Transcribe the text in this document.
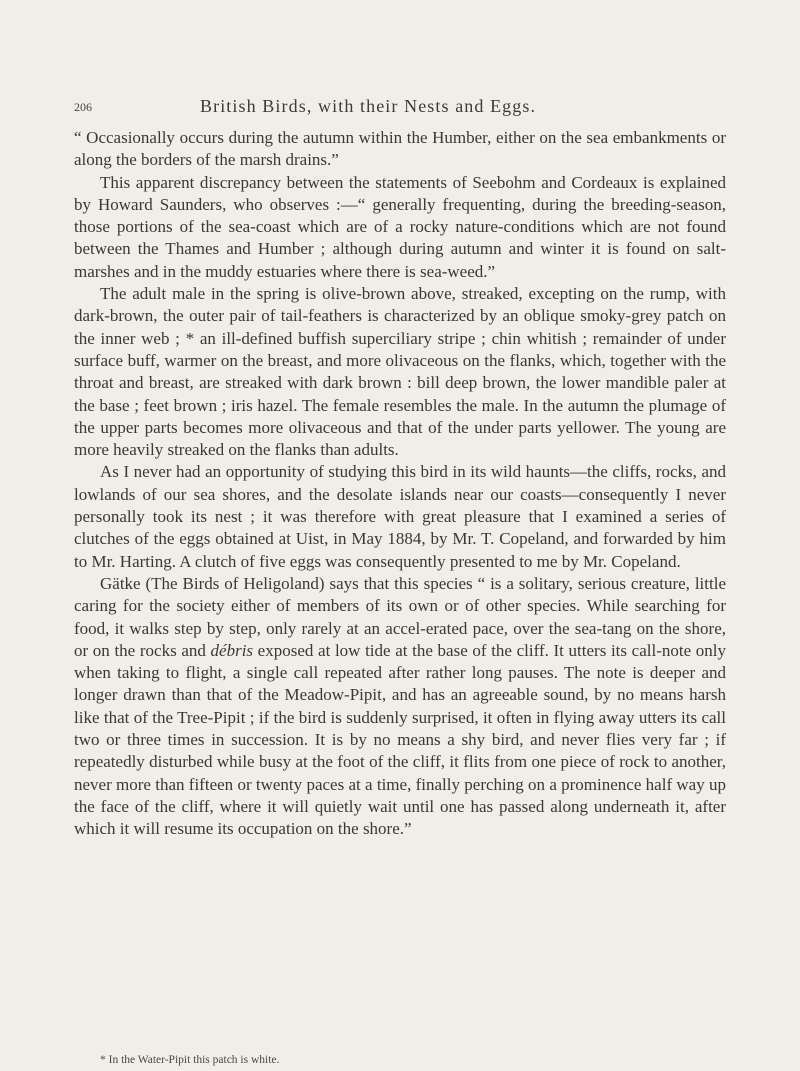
206	British Birds, with their Nests and Eggs.

“ Occasionally occurs during the autumn within the Humber, either on the sea embankments or along the borders of the marsh drains.”

This apparent discrepancy between the statements of Seebohm and Cordeaux is explained by Howard Saunders, who observes :—“ generally frequenting, during the breeding-season, those portions of the sea-coast which are of a rocky nature-conditions which are not found between the Thames and Humber ; although during autumn and winter it is found on salt-marshes and in the muddy estuaries where there is sea-weed.”

The adult male in the spring is olive-brown above, streaked, excepting on the rump, with dark-brown, the outer pair of tail-feathers is characterized by an oblique smoky-grey patch on the inner web ; * an ill-defined buffish superciliary stripe ; chin whitish ; remainder of under surface buff, warmer on the breast, and more olivaceous on the flanks, which, together with the throat and breast, are streaked with dark brown : bill deep brown, the lower mandible paler at the base ; feet brown ; iris hazel. The female resembles the male. In the autumn the plumage of the upper parts becomes more olivaceous and that of the under parts yellower. The young are more heavily streaked on the flanks than adults.

As I never had an opportunity of studying this bird in its wild haunts—the cliffs, rocks, and lowlands of our sea shores, and the desolate islands near our coasts—consequently I never personally took its nest ; it was therefore with great pleasure that I examined a series of clutches of the eggs obtained at Uist, in May 1884, by Mr. T. Copeland, and forwarded by him to Mr. Harting. A clutch of five eggs was consequently presented to me by Mr. Copeland.

Gätke (The Birds of Heligoland) says that this species “ is a solitary, serious creature, little caring for the society either of members of its own or of other species. While searching for food, it walks step by step, only rarely at an accel-erated pace, over the sea-tang on the shore, or on the rocks and débris exposed at low tide at the base of the cliff. It utters its call-note only when taking to flight, a single call repeated after rather long pauses. The note is deeper and longer drawn than that of the Meadow-Pipit, and has an agreeable sound, by no means harsh like that of the Tree-Pipit ; if the bird is suddenly surprised, it often in flying away utters its call two or three times in succession. It is by no means a shy bird, and never flies very far ; if repeatedly disturbed while busy at the foot of the cliff, it flits from one piece of rock to another, never more than fifteen or twenty paces at a time, finally perching on a prominence half way up the face of the cliff, where it will quietly wait until one has passed along underneath it, after which it will resume its occupation on the shore.”

* In the Water-Pipit this patch is white.
